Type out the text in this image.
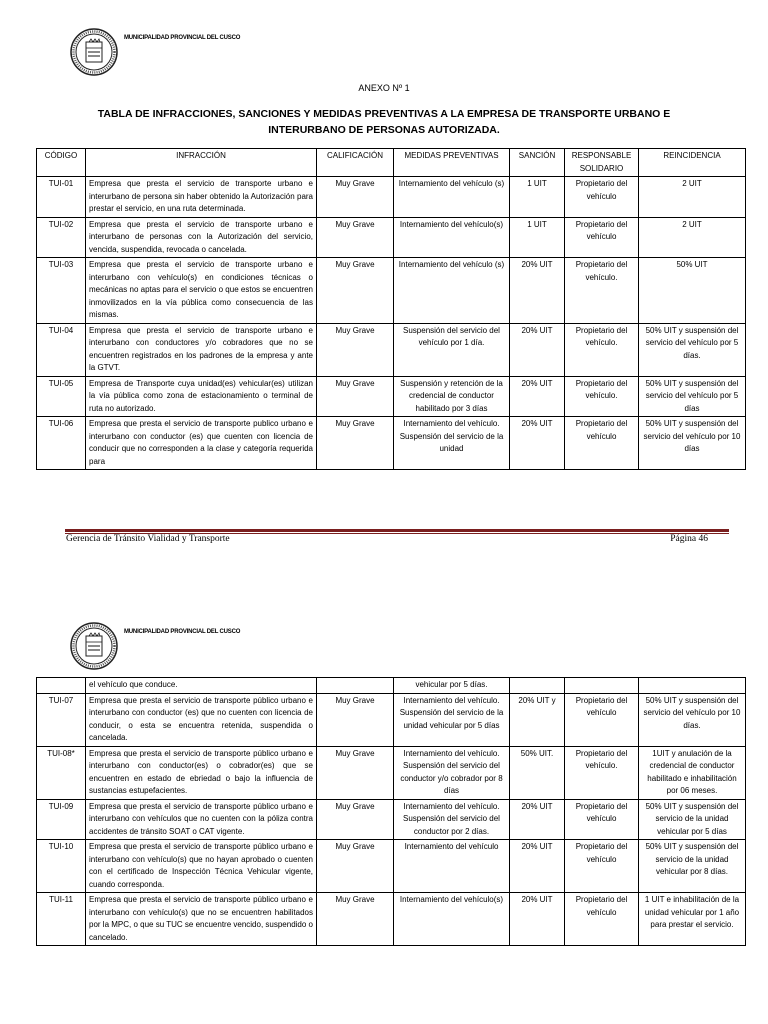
MUNICIPALIDAD PROVINCIAL DEL CUSCO
ANEXO Nº 1
TABLA DE INFRACCIONES, SANCIONES Y MEDIDAS PREVENTIVAS A LA EMPRESA DE TRANSPORTE URBANO E INTERURBANO DE PERSONAS AUTORIZADA.
CÓDIGO	INFRACCIÓN	CALIFICACIÓN	MEDIDAS PREVENTIVAS	SANCIÓN	RESPONSABLE SOLIDARIO	REINCIDENCIA
TUI-01	Empresa que presta el servicio de transporte urbano e interurbano de persona sin haber obtenido la Autorización para prestar el servicio, en una ruta determinada.	Muy Grave	Internamiento del vehículo (s)	1 UIT	Propietario del vehículo	2 UIT
TUI-02	Empresa que presta el servicio de transporte urbano e interurbano de personas con la Autorización del servicio, vencida, suspendida, revocada o cancelada.	Muy Grave	Internamiento del vehículo(s)	1 UIT	Propietario del vehículo	2 UIT
TUI-03	Empresa que presta el servicio de transporte urbano e interurbano con vehículo(s) en condiciones técnicas o mecánicas no aptas para el servicio o que estos se encuentren inmovilizados en la vía pública como consecuencia de las mismas.	Muy Grave	Internamiento del vehículo (s)	20% UIT	Propietario del vehículo.	50% UIT
TUI-04	Empresa que presta el servicio de transporte urbano e interurbano con conductores y/o cobradores que no se encuentren registrados en los padrones de la empresa y ante la GTVT.	Muy Grave	Suspensión del servicio del vehículo por 1 día.	20% UIT	Propietario del vehículo.	50% UIT y suspensión del servicio del vehículo por 5 días.
TUI-05	Empresa de Transporte cuya unidad(es) vehicular(es) utilizan la vía pública como zona de estacionamiento o terminal de ruta no autorizado.	Muy Grave	Suspensión y retención de la credencial de conductor habilitado por 3 días	20% UIT	Propietario del vehículo.	50% UIT y suspensión del servicio del vehículo por 5 días
TUI-06	Empresa que presta el servicio de transporte publico urbano e interurbano con conductor (es) que cuenten con licencia de conducir que no corresponden a la clase y categoría requerida para	Muy Grave	Internamiento del vehículo. Suspensión del servicio de la unidad	20% UIT	Propietario del vehículo	50% UIT y suspensión del servicio del vehículo por 10 días
Gerencia de Tránsito Vialidad y Transporte	Página 46
MUNICIPALIDAD PROVINCIAL DEL CUSCO
	el vehículo que conduce.		vehicular por 5 días.			
TUI-07	Empresa que presta el servicio de transporte público urbano e interurbano con conductor (es) que no cuenten con licencia de conducir, o esta se encuentra retenida, suspendida o cancelada.	Muy Grave	Internamiento del vehículo. Suspensión del servicio de la unidad vehicular por 5 días	20% UIT y	Propietario del vehículo	50% UIT y suspensión del servicio del vehículo por 10 días.
TUI-08*	Empresa que presta el servicio de transporte público urbano e interurbano con conductor(es) o cobrador(es) que se encuentren en estado de ebriedad o bajo la influencia de sustancias estupefacientes.	Muy Grave	Internamiento del vehículo. Suspensión del servicio del conductor y/o cobrador por 8 días	50% UIT.	Propietario del vehículo.	1UIT y anulación de la credencial de conductor habilitado e inhabilitación por 06 meses.
TUI-09	Empresa que presta el servicio de transporte público urbano e interurbano con vehículos que no cuenten con la póliza contra accidentes de tránsito SOAT o CAT vigente.	Muy Grave	Internamiento del vehículo. Suspensión del servicio del conductor por 2 días.	20% UIT	Propietario del vehículo	50% UIT y suspensión del servicio de la unidad vehicular por 5 días
TUI-10	Empresa que presta el servicio de transporte público urbano e interurbano con vehículo(s) que no hayan aprobado o cuenten con el certificado de Inspección Técnica Vehicular vigente, cuando corresponda.	Muy Grave	Internamiento del vehículo	20% UIT	Propietario del vehículo	50% UIT y suspensión del servicio de la unidad vehicular por 8 días.
TUI-11	Empresa que presta el servicio de transporte público urbano e interurbano con vehículo(s) que no se encuentren habilitados por la MPC, o que su TUC se encuentre vencido, suspendido o cancelado.	Muy Grave	Internamiento del vehículo(s)	20% UIT	Propietario del vehículo	1 UIT e inhabilitación de la unidad vehicular por 1 año para prestar el servicio.
